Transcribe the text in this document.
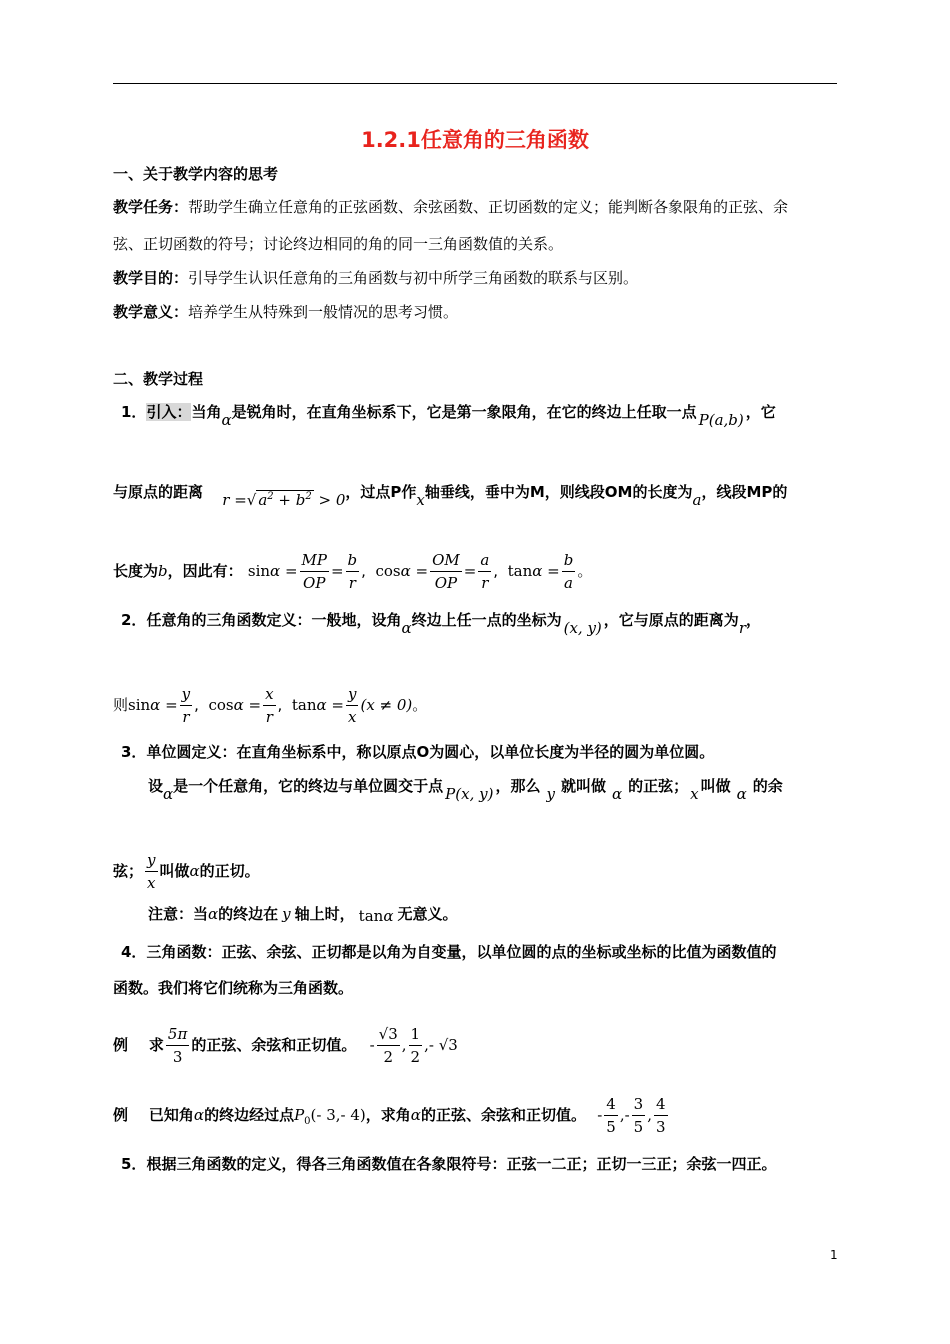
1.2.1任意角的三角函数
一、关于教学内容的思考
教学任务：帮助学生确立任意角的正弦函数、余弦函数、正切函数的定义；能判断各象限角的正弦、余
弦、正切函数的符号；讨论终边相同的角的同一三角函数值的关系。
教学目的：引导学生认识任意角的三角函数与初中所学三角函数的联系与区别。
教学意义：培养学生从特殊到一般情况的思考习惯。
二、教学过程
1．引入：当角α是锐角时，在直角坐标系下，它是第一象限角，在它的终边上任取一点 P(a,b) ，它
与原点的距离 r =√ $a^2 + b^2 > 0$，过点P作x轴垂线，垂中为M，则线段OM的长度为a，线段MP的
长度为b，因此有： $\sin\alpha = \frac{MP}{OP} = \frac{b}{r}$ ,  $\cos\alpha = \frac{OM}{OP} = \frac{a}{r}$ ,  $\tan\alpha = \frac{b}{a}$ 。
2．任意角的三角函数定义：一般地，设角α终边上任一点的坐标为 (x, y) ，它与原点的距离为r，
则$\sin\alpha = \frac{y}{r}$ ,  $\cos\alpha = \frac{x}{r}$ ,  $\tan\alpha = \frac{y}{x} (x \ne 0)$。
3．单位圆定义：在直角坐标系中，称以原点O为圆心，以单位长度为半径的圆为单位圆。
设α是一个任意角，它的终边与单位圆交于点 P(x, y) ，那么 y 就叫做 α 的正弦； x 叫做 α 的余
弦； $\frac{y}{x}$ 叫做α的正切。
注意：当α的终边在 y 轴上时， tanα 无意义。
4．三角函数：正弦、余弦、正切都是以角为自变量，以单位圆的点的坐标或坐标的比值为函数值的
函数。我们将它们统称为三角函数。
例 求 $\frac{5\pi}{3}$ 的正弦、余弦和正切值。 - $\frac{√3}{2}$ , $\frac{1}{2}$ ,- √3
例 已知角α的终边经过点$P_0(-$ 3,- 4)，求角α的正弦、余弦和正切值。 - $\frac{4}{5}$ ,- $\frac{3}{5}$ , $\frac{4}{3}$
5．根据三角函数的定义，得各三角函数值在各象限符号：正弦一二正；正切一三正；余弦一四正。
1
